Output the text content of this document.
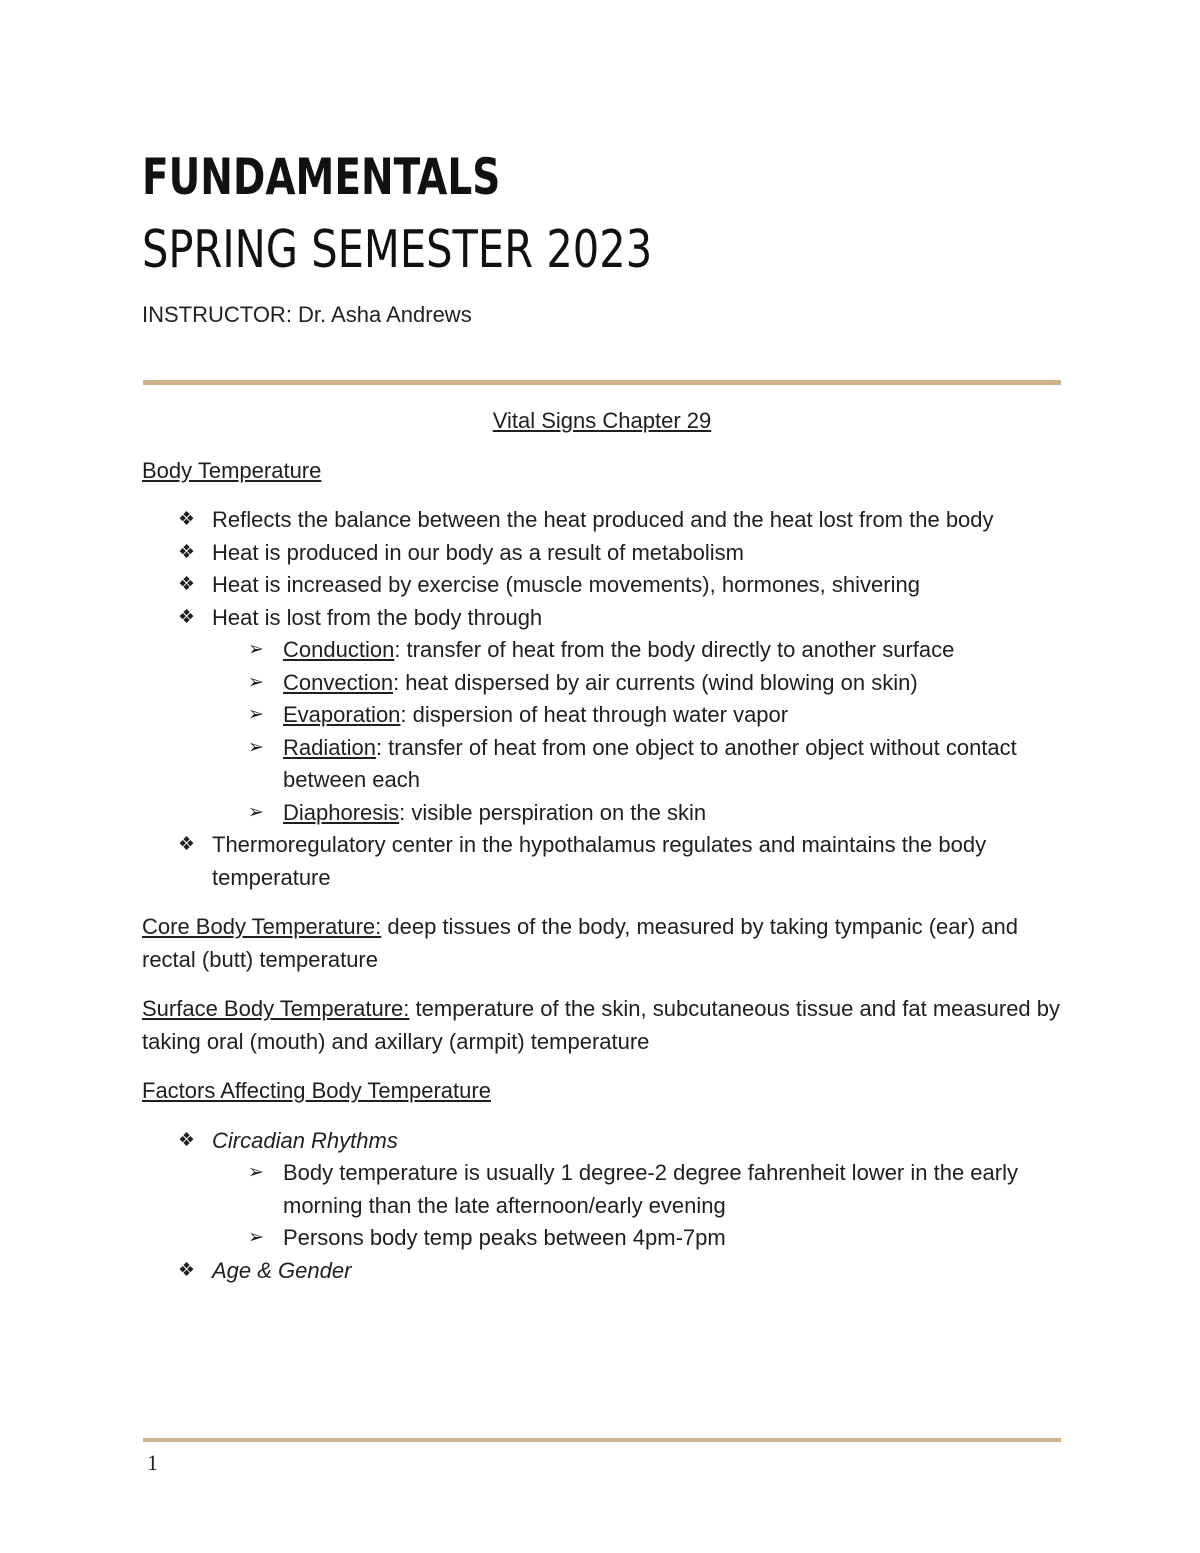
FUNDAMENTALS
SPRING SEMESTER 2023
INSTRUCTOR: Dr. Asha Andrews
Vital Signs Chapter 29
Body Temperature
❖ Reflects the balance between the heat produced and the heat lost from the body
❖ Heat is produced in our body as a result of metabolism
❖ Heat is increased by exercise (muscle movements), hormones, shivering
❖ Heat is lost from the body through
➢ Conduction: transfer of heat from the body directly to another surface
➢ Convection: heat dispersed by air currents (wind blowing on skin)
➢ Evaporation: dispersion of heat through water vapor
➢ Radiation: transfer of heat from one object to another object without contact between each
➢ Diaphoresis: visible perspiration on the skin
❖ Thermoregulatory center in the hypothalamus regulates and maintains the body temperature
Core Body Temperature: deep tissues of the body, measured by taking tympanic (ear) and rectal (butt) temperature
Surface Body Temperature: temperature of the skin, subcutaneous tissue and fat measured by taking oral (mouth) and axillary (armpit) temperature
Factors Affecting Body Temperature
❖ Circadian Rhythms
➢ Body temperature is usually 1 degree-2 degree fahrenheit lower in the early morning than the late afternoon/early evening
➢ Persons body temp peaks between 4pm-7pm
❖ Age & Gender
1
